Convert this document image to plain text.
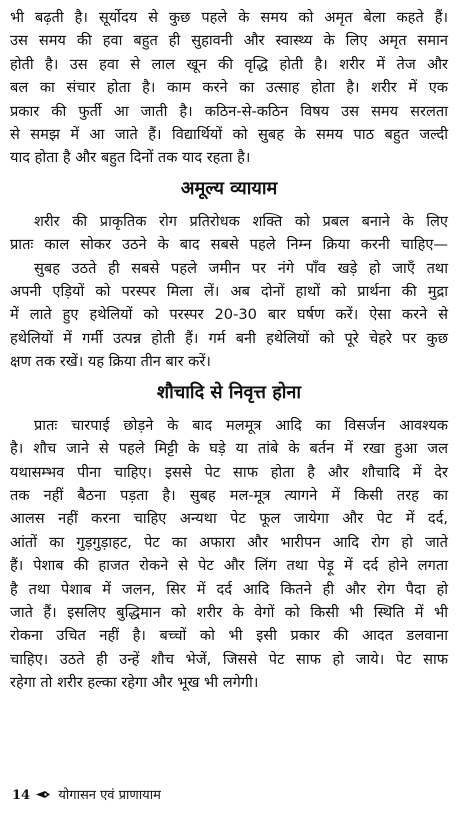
भी बढ़ती है। सूर्योदय से कुछ पहले के समय को अमृत बेला कहते हैं।
उस समय की हवा बहुत ही सुहावनी और स्वास्थ्य के लिए अमृत समान
होती है। उस हवा से लाल खून की वृद्धि होती है। शरीर में तेज और
बल का संचार होता है। काम करने का उत्साह होता है। शरीर में एक
प्रकार की फुर्ती आ जाती है। कठिन-से-कठिन विषय उस समय सरलता
से समझ में आ जाते हैं। विद्यार्थियों को सुबह के समय पाठ बहुत जल्दी
याद होता है और बहुत दिनों तक याद रहता है।
अमूल्य व्यायाम
शरीर की प्राकृतिक रोग प्रतिरोधक शक्ति को प्रबल बनाने के लिए
प्रातः काल सोकर उठने के बाद सबसे पहले निम्न क्रिया करनी चाहिए—
सुबह उठते ही सबसे पहले जमीन पर नंगे पाँव खड़े हो जाएँ तथा
अपनी एड़ियों को परस्पर मिला लें। अब दोनों हाथों को प्रार्थना की मुद्रा
में लाते हुए हथेलियों को परस्पर 20-30 बार घर्षण करें। ऐसा करने से
हथेलियों में गर्मी उत्पन्न होती हैं। गर्म बनी हथेलियों को पूरे चेहरे पर कुछ
क्षण तक रखें। यह क्रिया तीन बार करें।
शौचादि से निवृत्त होना
प्रातः चारपाई छोड़ने के बाद मलमूत्र आदि का विसर्जन आवश्यक
है। शौच जाने से पहले मिट्टी के घड़े या तांबे के बर्तन में रखा हुआ जल
यथासम्भव पीना चाहिए। इससे पेट साफ होता है और शौचादि में देर
तक नहीं बैठना पड़ता है। सुबह मल-मूत्र त्यागने में किसी तरह का
आलस नहीं करना चाहिए अन्यथा पेट फूल जायेगा और पेट में दर्द,
आंतों का गुड़गुड़ाहट, पेट का अफारा और भारीपन आदि रोग हो जाते
हैं। पेशाब की हाजत रोकने से पेट और लिंग तथा पेड़ू में दर्द होने लगता
है तथा पेशाब में जलन, सिर में दर्द आदि कितने ही और रोग पैदा हो
जाते हैं। इसलिए बुद्धिमान को शरीर के वेगों को किसी भी स्थिति में भी
रोकना उचित नहीं है। बच्चों को भी इसी प्रकार की आदत डलवाना
चाहिए। उठते ही उन्हें शौच भेजें, जिससे पेट साफ हो जाये। पेट साफ
रहेगा तो शरीर हल्का रहेगा और भूख भी लगेगी।
14 योगासन एवं प्राणायाम
